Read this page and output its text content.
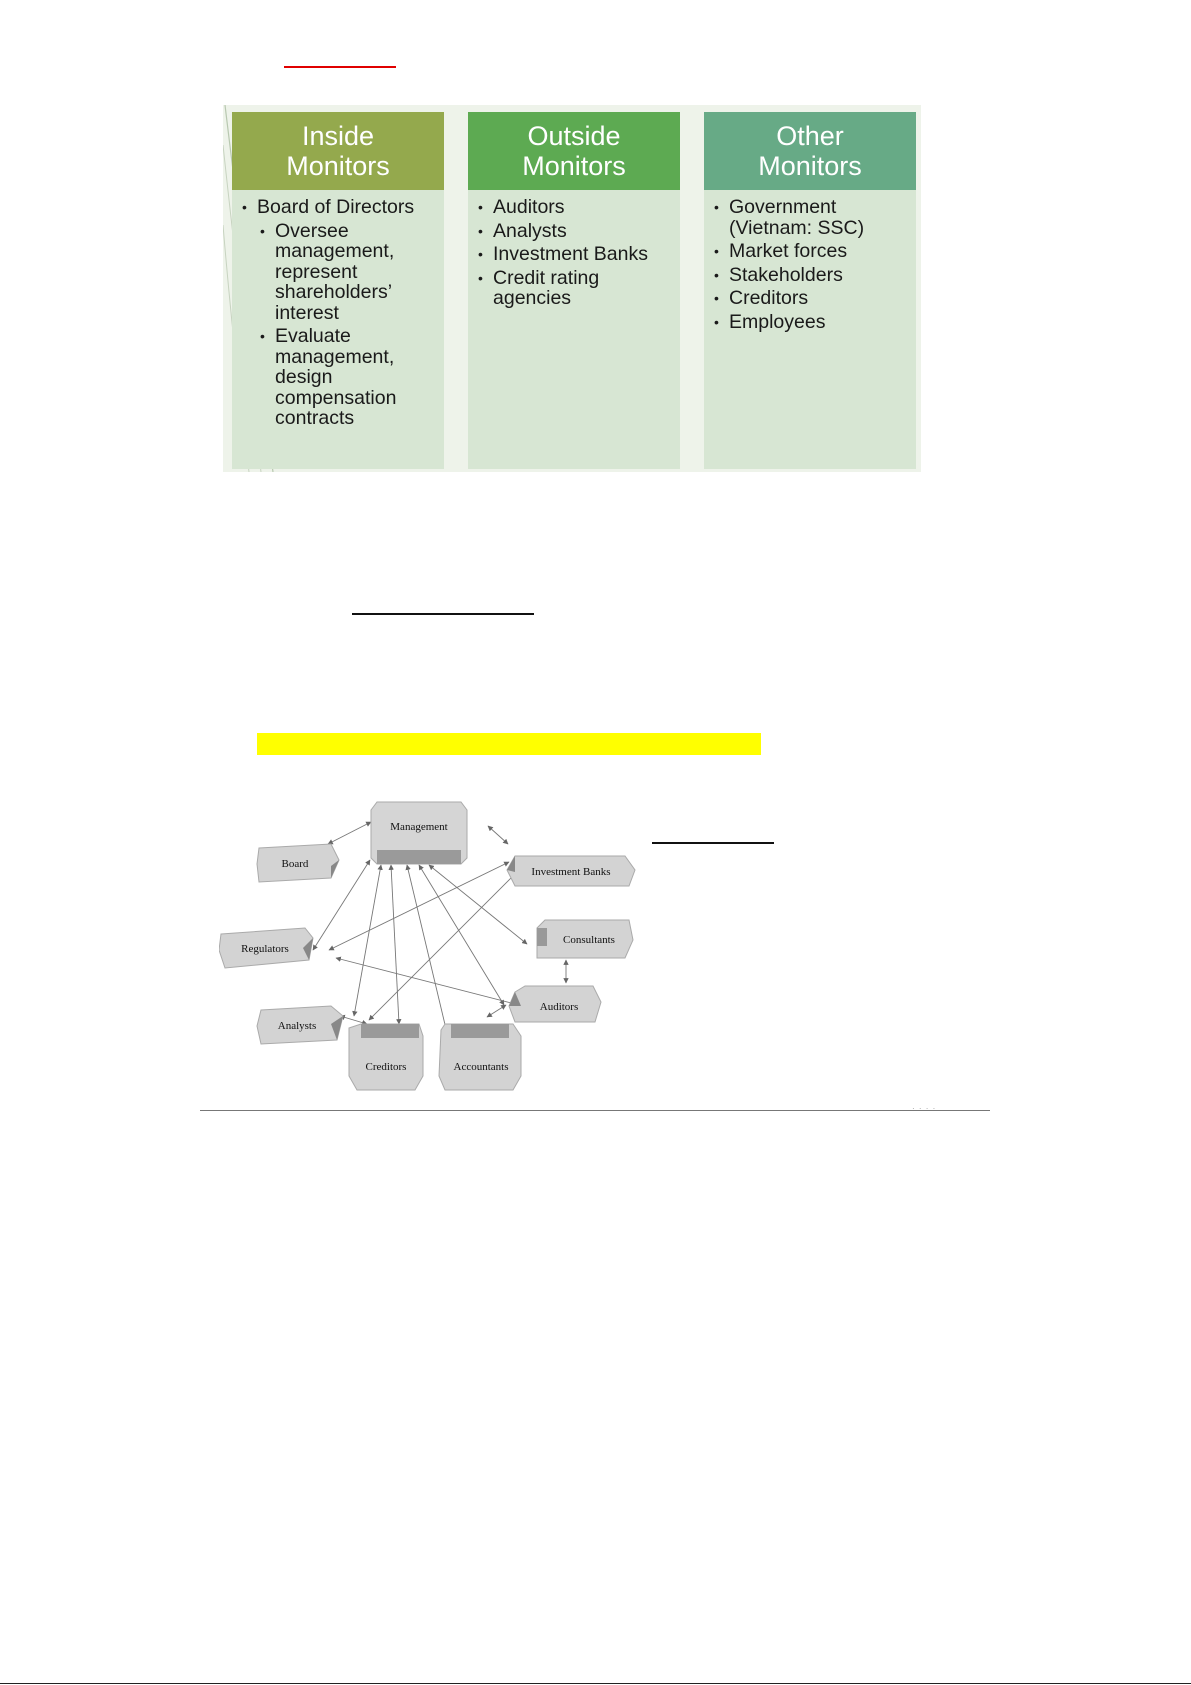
Inside
Monitors
• Board of Directors
• Oversee management, represent shareholders’ interest
• Evaluate management, design compensation contracts
Outside
Monitors
• Auditors
• Analysts
• Investment Banks
• Credit rating agencies
Other
Monitors
• Government (Vietnam: SSC)
• Market forces
• Stakeholders
• Creditors
• Employees
Management
Board
Investment Banks
Consultants
Regulators
Auditors
Analysts
Creditors	Accountants
· · · ·
